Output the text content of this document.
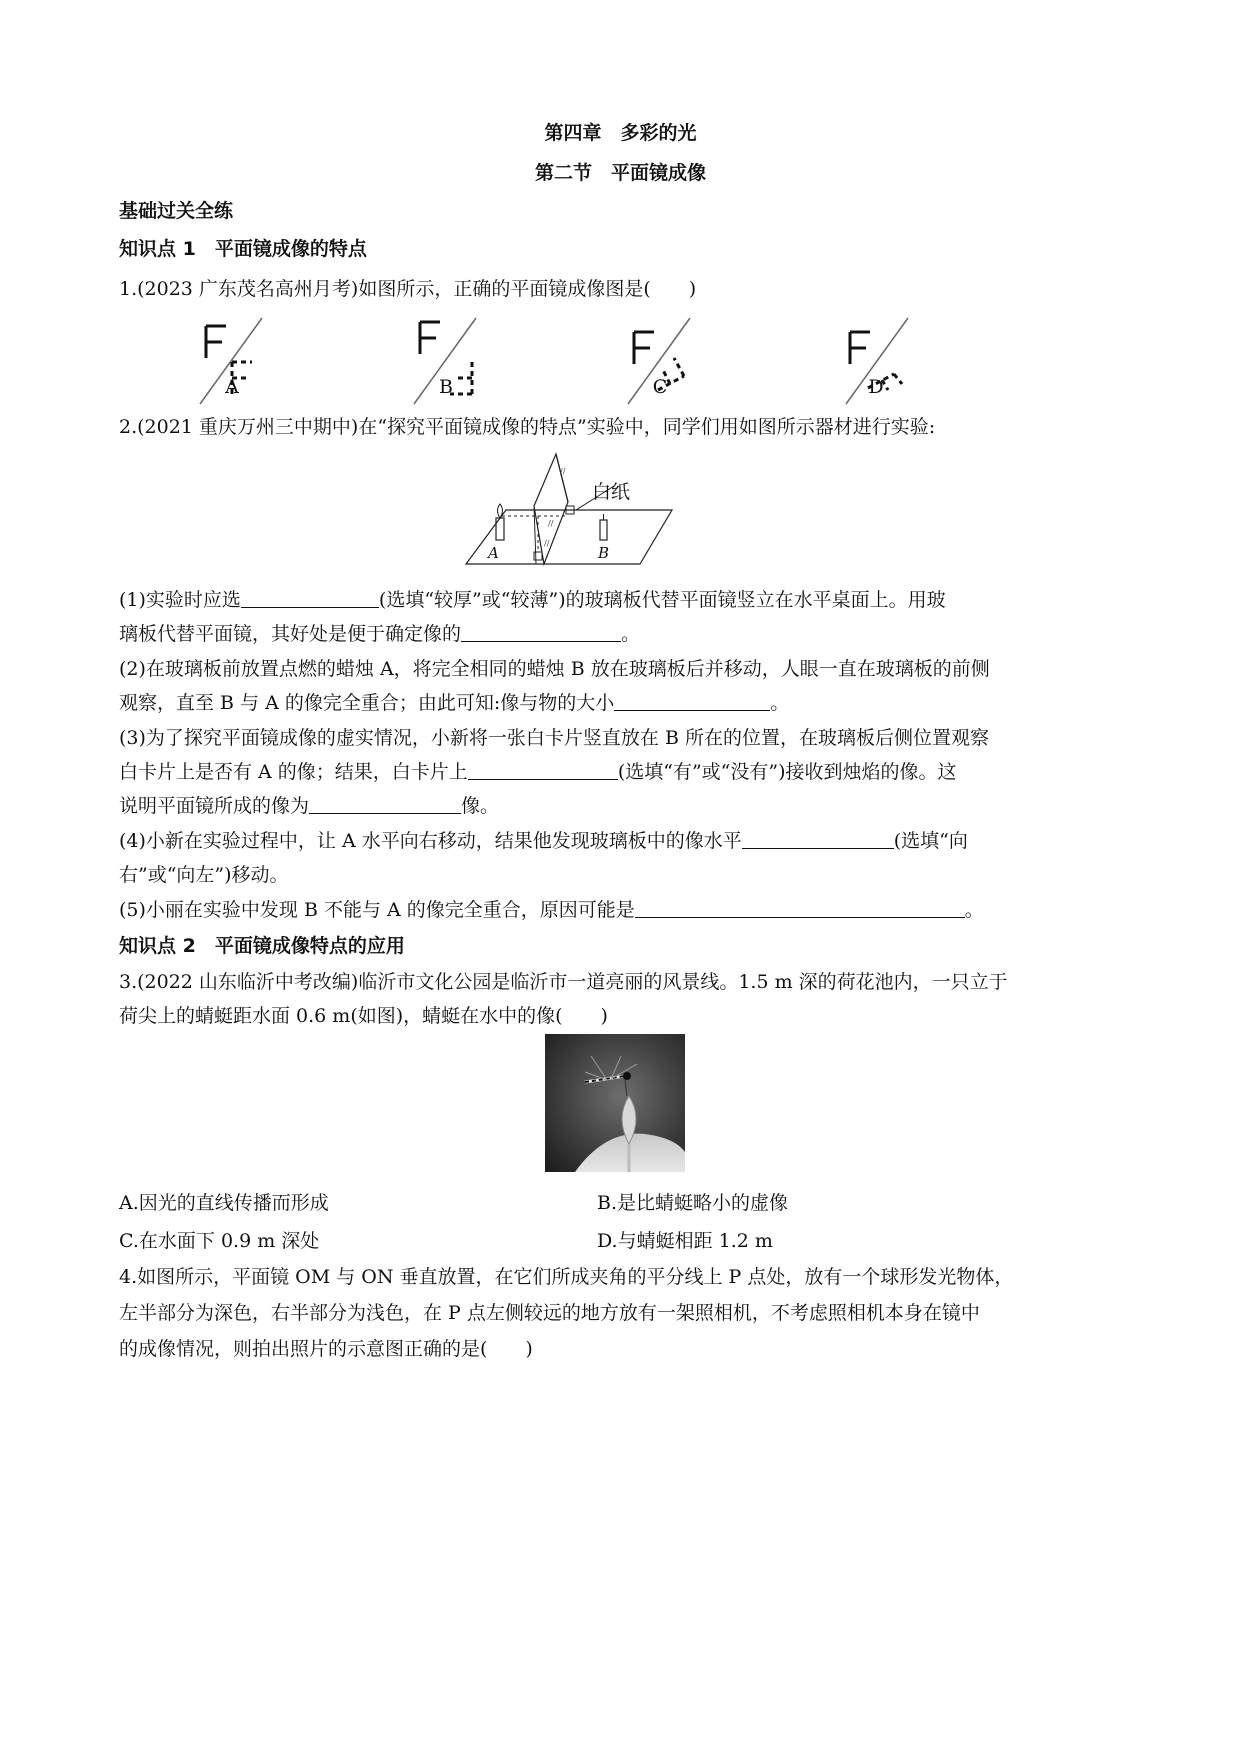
第四章　多彩的光
第二节　平面镜成像
基础过关全练
知识点 1　平面镜成像的特点
1.(2023 广东茂名高州月考)如图所示，正确的平面镜成像图是(　　)
A	B	C	D
2.(2021 重庆万州三中期中)在“探究平面镜成像的特点”实验中，同学们用如图所示器材进行实验:
//
//
//
白纸
A	B
(1)实验时应选	(选填“较厚”或“较薄”)的玻璃板代替平面镜竖立在水平桌面上。用玻
璃板代替平面镜，其好处是便于确定像的	。
(2)在玻璃板前放置点燃的蜡烛 A，将完全相同的蜡烛 B 放在玻璃板后并移动，人眼一直在玻璃板的前侧
观察，直至 B 与 A 的像完全重合；由此可知:像与物的大小	。
(3)为了探究平面镜成像的虚实情况，小新将一张白卡片竖直放在 B 所在的位置，在玻璃板后侧位置观察
白卡片上是否有 A 的像；结果，白卡片上	(选填“有”或“没有”)接收到烛焰的像。这
说明平面镜所成的像为	像。
(4)小新在实验过程中，让 A 水平向右移动，结果他发现玻璃板中的像水平	(选填“向
右”或“向左”)移动。
(5)小丽在实验中发现 B 不能与 A 的像完全重合，原因可能是	。
知识点 2　平面镜成像特点的应用
3.(2022 山东临沂中考改编)临沂市文化公园是临沂市一道亮丽的风景线。1.5 m 深的荷花池内，一只立于
荷尖上的蜻蜓距水面 0.6 m(如图)，蜻蜓在水中的像(　　)
A.因光的直线传播而形成	B.是比蜻蜓略小的虚像
C.在水面下 0.9 m 深处	D.与蜻蜓相距 1.2 m
4.如图所示，平面镜 OM 与 ON 垂直放置，在它们所成夹角的平分线上 P 点处，放有一个球形发光物体，
左半部分为深色，右半部分为浅色，在 P 点左侧较远的地方放有一架照相机，不考虑照相机本身在镜中
的成像情况，则拍出照片的示意图正确的是(　　)
